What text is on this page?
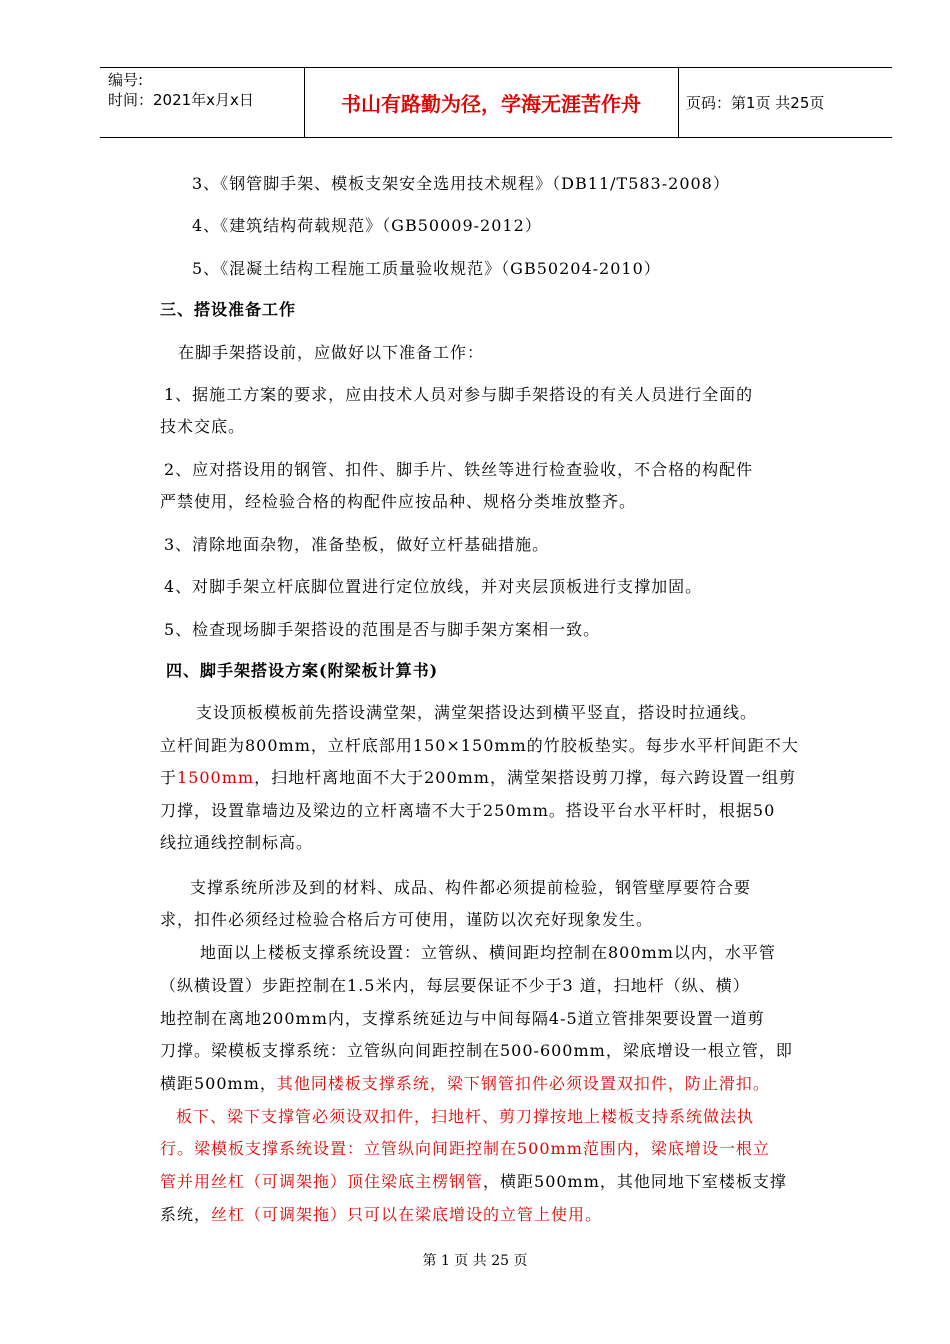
编号:
时间：2021年x月x日	书山有路勤为径，学海无涯苦作舟	页码：第1页 共25页
3、《钢管脚手架、模板支架安全选用技术规程》（DB11/T583-2008）
4、《建筑结构荷载规范》（GB50009-2012）
5、《混凝土结构工程施工质量验收规范》（GB50204-2010）
三、搭设准备工作
在脚手架搭设前，应做好以下准备工作：
1、据施工方案的要求，应由技术人员对参与脚手架搭设的有关人员进行全面的
技术交底。
2、应对搭设用的钢管、扣件、脚手片、铁丝等进行检查验收，不合格的构配件
严禁使用，经检验合格的构配件应按品种、规格分类堆放整齐。
3、清除地面杂物，准备垫板，做好立杆基础措施。
4、对脚手架立杆底脚位置进行定位放线，并对夹层顶板进行支撑加固。
5、检查现场脚手架搭设的范围是否与脚手架方案相一致。
四、脚手架搭设方案(附梁板计算书)
支设顶板模板前先搭设满堂架，满堂架搭设达到横平竖直，搭设时拉通线。
立杆间距为800mm，立杆底部用150×150mm的竹胶板垫实。每步水平杆间距不大
于1500mm，扫地杆离地面不大于200mm，满堂架搭设剪刀撑，每六跨设置一组剪
刀撑，设置靠墙边及梁边的立杆离墙不大于250mm。搭设平台水平杆时，根据50
线拉通线控制标高。
支撑系统所涉及到的材料、成品、构件都必须提前检验，钢管壁厚要符合要
求，扣件必须经过检验合格后方可使用，谨防以次充好现象发生。
地面以上楼板支撑系统设置：立管纵、横间距均控制在800mm以内，水平管
（纵横设置）步距控制在1.5米内，每层要保证不少于3 道，扫地杆（纵、横）
地控制在离地200mm内，支撑系统延边与中间每隔4-5道立管排架要设置一道剪
刀撑。梁模板支撑系统：立管纵向间距控制在500-600mm，梁底增设一根立管，即
横距500mm，其他同楼板支撑系统，梁下钢管扣件必须设置双扣件，防止滑扣。
板下、梁下支撑管必须设双扣件，扫地杆、剪刀撑按地上楼板支持系统做法执
行。梁模板支撑系统设置：立管纵向间距控制在500mm范围内，梁底增设一根立
管并用丝杠（可调架拖）顶住梁底主楞钢管，横距500mm，其他同地下室楼板支撑
系统，丝杠（可调架拖）只可以在梁底增设的立管上使用。
第 1 页 共 25 页
